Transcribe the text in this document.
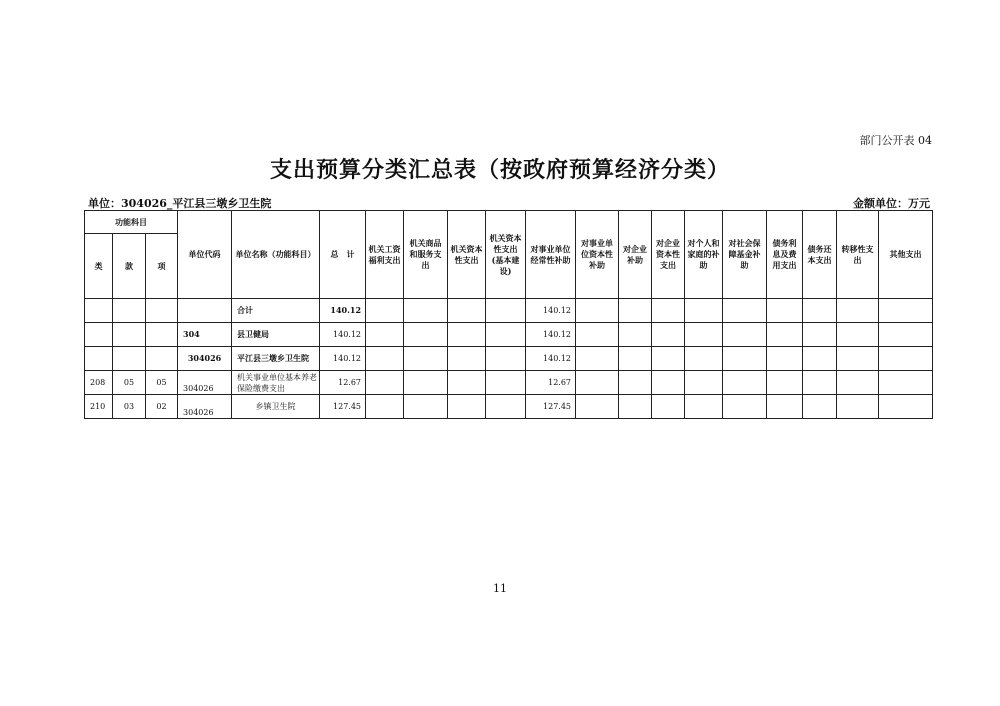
部门公开表 04
支出预算分类汇总表（按政府预算经济分类）
单位：304026_平江县三墩乡卫生院	金额单位：万元
功能科目			单位代码	单位名称（功能科目）	总　计	机关工资福利支出	机关商品和服务支出	机关资本性支出	机关资本性支出(基本建设)	对事业单位经常性补助	对事业单位资本性补助	对企业补助	对企业资本性支出	对个人和家庭的补助	对社会保障基金补助	债务利息及费用支出	债务还本支出	转移性支出	其他支出
类	款	项																	
				合计	140.12					140.12									
			304	县卫健局	140.12					140.12									
			304026	平江县三墩乡卫生院	140.12					140.12									
208	05	05	304026	机关事业单位基本养老保险缴费支出	12.67					12.67									
210	03	02	304026	乡镇卫生院	127.45					127.45									
11
